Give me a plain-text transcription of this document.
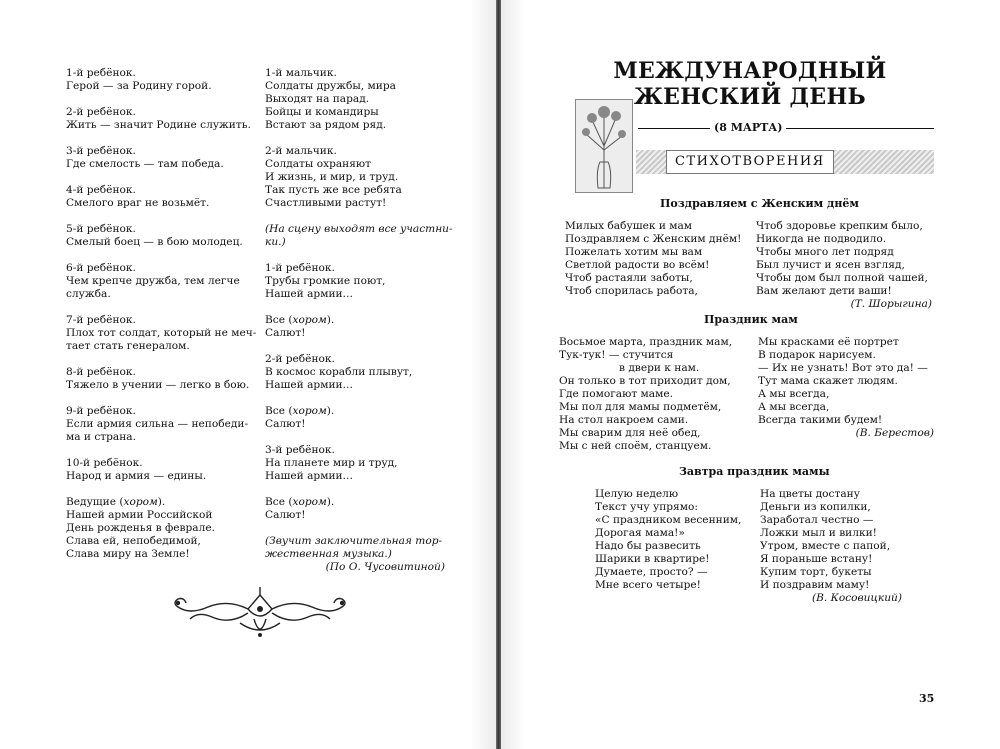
1-й ребёнок.
Герой — за Родину горой.
2-й ребёнок.
Жить — значит Родине служить.
3-й ребёнок.
Где смелость — там победа.
4-й ребёнок.
Смелого враг не возьмёт.
5-й ребёнок.
Смелый боец — в бою молодец.
6-й ребёнок.
Чем крепче дружба, тем легче
служба.
7-й ребёнок.
Плох тот солдат, который не меч-
тает стать генералом.
8-й ребёнок.
Тяжело в учении — легко в бою.
9-й ребёнок.
Если армия сильна — непобеди-
ма и страна.
10-й ребёнок.
Народ и армия — едины.
Ведущие (хором).
Нашей армии Российской
День рожденья в феврале.
Слава ей, непобедимой,
Слава миру на Земле!
1-й мальчик.
Солдаты дружбы, мира
Выходят на парад.
Бойцы и командиры
Встают за рядом ряд.
2-й мальчик.
Солдаты охраняют
И жизнь, и мир, и труд.
Так пусть же все ребята
Счастливыми растут!
(На сцену выходят все участни-
ки.)
1-й ребёнок.
Трубы громкие поют,
Нашей армии…
Все (хором).
Салют!
2-й ребёнок.
В космос корабли плывут,
Нашей армии…
Все (хором).
Салют!
3-й ребёнок.
На планете мир и труд,
Нашей армии…
Все (хором).
Салют!
(Звучит заключительная тор-
жественная музыка.)
(По О. Чусовитиной)
МЕЖДУНАРОДНЫЙ
ЖЕНСКИЙ ДЕНЬ
(8 МАРТА)
СТИХОТВОРЕНИЯ
Поздравляем с Женским днём
Милых бабушек и мам
Поздравляем с Женским днём!
Пожелать хотим мы вам
Светлой радости во всём!
Чтоб растаяли заботы,
Чтоб спорилась работа,
Чтоб здоровье крепким было,
Никогда не подводило.
Чтобы много лет подряд
Был лучист и ясен взгляд,
Чтобы дом был полной чашей,
Вам желают дети ваши!
(Т. Шорыгина)
Праздник мам
Восьмое марта, праздник мам,
Тук-тук! — стучится
в двери к нам.
Он только в тот приходит дом,
Где помогают маме.
Мы пол для мамы подметём,
На стол накроем сами.
Мы сварим для неё обед,
Мы с ней споём, станцуем.
Мы красками её портрет
В подарок нарисуем.
— Их не узнать! Вот это да! —
Тут мама скажет людям.
А мы всегда,
А мы всегда,
Всегда такими будем!
(В. Берестов)
Завтра праздник мамы
Целую неделю
Текст учу упрямо:
«С праздником весенним,
Дорогая мама!»
Надо бы развесить
Шарики в квартире!
Думаете, просто? —
Мне всего четыре!
На цветы достану
Деньги из копилки,
Заработал честно —
Ложки мыл и вилки!
Утром, вместе с папой,
Я пораньше встану!
Купим торт, букеты
И поздравим маму!
(В. Косовицкий)
35
